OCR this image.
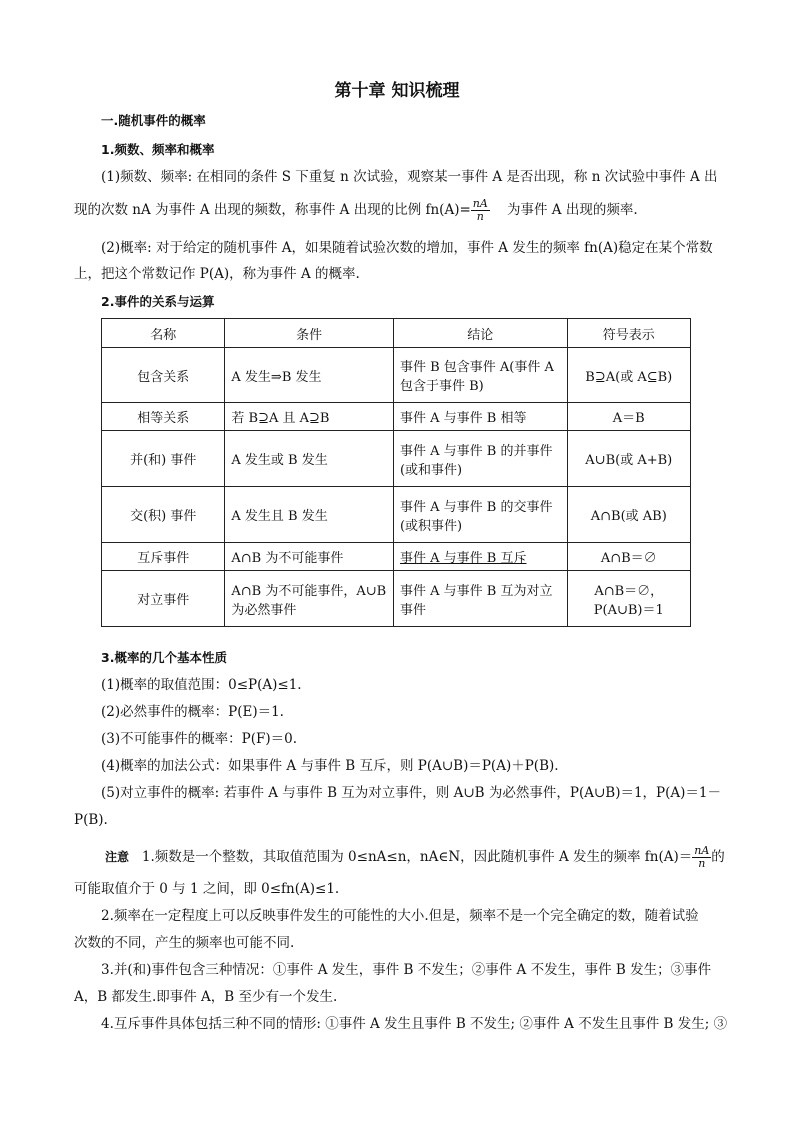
第十章 知识梳理
一.随机事件的概率
1.频数、频率和概率
(1)频数、频率: 在相同的条件 S 下重复 n 次试验，观察某一事件 A 是否出现，称 n 次试验中事件 A 出
现的次数 nA 为事件 A 出现的频数，称事件 A 出现的比例 $fn(A)= \frac{nA}{n}$ 为事件 A 出现的频率.
(2)概率: 对于给定的随机事件 A，如果随着试验次数的增加，事件 A 发生的频率 fn(A)稳定在某个常数
上，把这个常数记作 P(A)，称为事件 A 的概率.
2.事件的关系与运算
名称	条件	结论	符号表示
包含关系	A 发生⇒B 发生	事件 B 包含事件 A(事件 A 包含于事件 B)	B⊇A(或 A⊆B)
相等关系	若 B⊇A 且 A⊇B	事件 A 与事件 B 相等	A＝B
并(和) 事件	A 发生或 B 发生	事件 A 与事件 B 的并事件(或和事件)	A∪B(或 A+B)
交(积) 事件	A 发生且 B 发生	事件 A 与事件 B 的交事件(或积事件)	A∩B(或 AB)
互斥事件	A∩B 为不可能事件	事件 A 与事件 B 互斥	A∩B＝∅
对立事件	A∩B 为不可能事件，A∪B 为必然事件	事件 A 与事件 B 互为对立事件	A∩B＝∅，P(A∪B)＝1
3.概率的几个基本性质
(1)概率的取值范围：0≤P(A)≤1.
(2)必然事件的概率：P(E)＝1.
(3)不可能事件的概率：P(F)＝0.
(4)概率的加法公式：如果事件 A 与事件 B 互斥，则 P(A∪B)＝P(A)＋P(B).
(5)对立事件的概率: 若事件 A 与事件 B 互为对立事件，则 A∪B 为必然事件，P(A∪B)＝1，P(A)＝1－
P(B).
注意 1.频数是一个整数，其取值范围为 0≤nA≤n，nA∈N，因此随机事件 A 发生的频率 $fn(A)= \frac{nA}{n}$ 的
可能取值介于 0 与 1 之间，即 0≤fn(A)≤1.
2.频率在一定程度上可以反映事件发生的可能性的大小.但是，频率不是一个完全确定的数，随着试验
次数的不同，产生的频率也可能不同.
3.并(和)事件包含三种情况：①事件 A 发生，事件 B 不发生；②事件 A 不发生，事件 B 发生；③事件
A，B 都发生.即事件 A，B 至少有一个发生.
4.互斥事件具体包括三种不同的情形: ①事件 A 发生且事件 B 不发生; ②事件 A 不发生且事件 B 发生; ③
